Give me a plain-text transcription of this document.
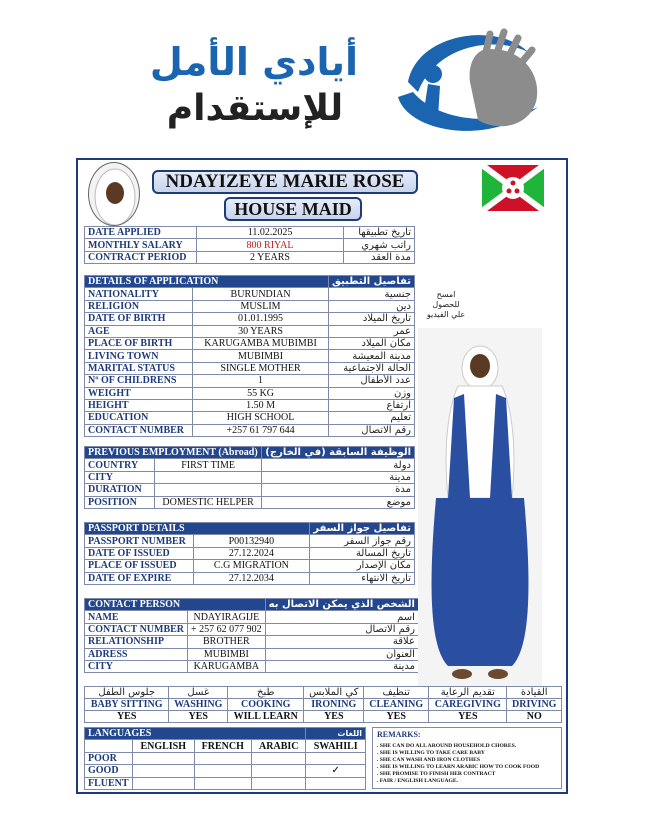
أيادي الأمل
للإستقدام
NDAYIZEYE MARIE ROSE
HOUSE MAID
DATE APPLIED	11.02.2025	تاريخ تطبيقها
MONTHLY SALARY	800 RIYAL	راتب شهري
CONTRACT PERIOD	2 YEARS	مدة العقد
DETAILS OF APPLICATION		تفاصيل التطبيق
NATIONALITY	BURUNDIAN	جنسية
RELIGION	MUSLIM	دين
DATE OF BIRTH	01.01.1995	تاريخ الميلاد
AGE	30 YEARS	عمر
PLACE OF BIRTH	KARUGAMBA MUBIMBI	مكان الميلاد
LIVING TOWN	MUBIMBI	مدينة المعيشة
MARITAL STATUS	SINGLE MOTHER	الحالة الاجتماعية
Nº OF CHILDRENS	1	عدد الأطفال
WEIGHT	55 KG	وزن
HEIGHT	1.50 M	ارتفاع
EDUCATION	HIGH SCHOOL	تعليم
CONTACT NUMBER	+257 61 797 644	رقم الاتصال
PREVIOUS EMPLOYMENT (Abroad)		الوظيفة السابقة (في الخارج)
COUNTRY	FIRST TIME	دولة
CITY		مدينة
DURATION		مدة
POSITION	DOMESTIC HELPER	موضع
PASSPORT DETAILS		تفاصيل جواز السفر
PASSPORT NUMBER	P00132940	رقم جواز السفر
DATE OF ISSUED	27.12.2024	تاريخ المسالة
PLACE OF ISSUED	C.G MIGRATION	مكان الإصدار
DATE OF EXPIRE	27.12.2034	تاريخ الانتهاء
CONTACT PERSON		الشخص الذي يمكن الاتصال به
NAME	NDAYIRAGIJE	اسم
CONTACT NUMBER	+ 257 62 077 902	رقم الاتصال
RELATIONSHIP	BROTHER	علاقة
ADRESS	MUBIMBI	العنوان
CITY	KARUGAMBA	مدينة
امسح
للحصول
علي الفيديو
جلوس الطفل	غسل	طبخ	كي الملابس	تنظيف	تقديم الرعاية	القيادة
BABY SITTING	WASHING	COOKING	IRONING	CLEANING	CAREGIVING	DRIVING
YES	YES	WILL LEARN	YES	YES	YES	NO
LANGUAGES				اللغات
	ENGLISH	FRENCH	ARABIC	SWAHILI
POOR				
GOOD				✓
FLUENT				
REMARKS:
. SHE CAN DO ALL AROUND HOUSEHOLD CHORES.
. SHE IS WILLING TO TAKE CARE BABY
. SHE CAN WASH AND IRON CLOTHES
. SHE IS WILLING TO LEARN ARABIC HOW TO COOK FOOD
. SHE PROMISE TO FINISH HER CONTRACT
. FAIR / ENGLISH LANGUAGE.
